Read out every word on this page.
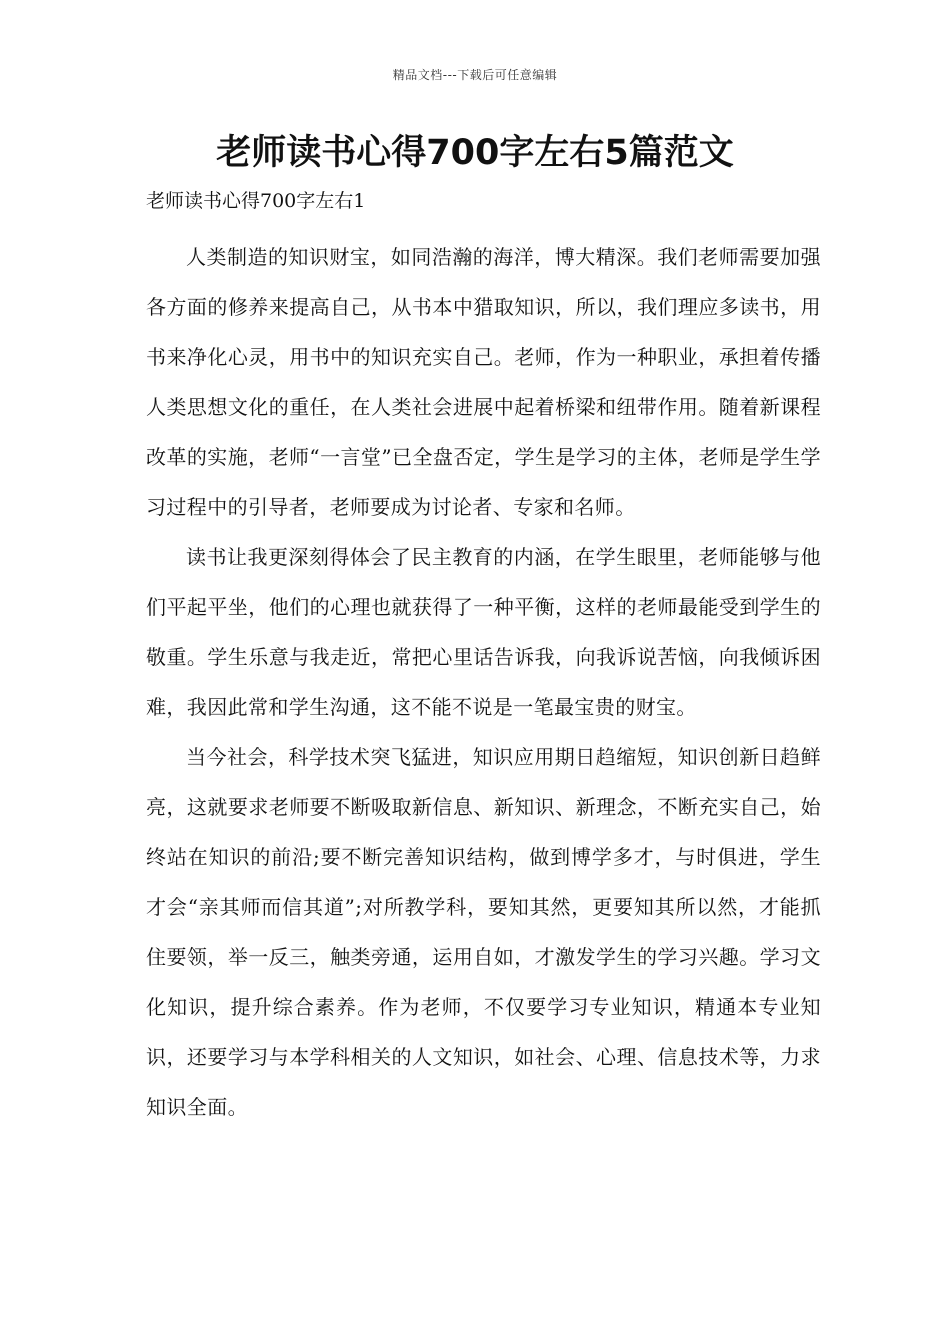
精品文档---下载后可任意编辑
老师读书心得700字左右5篇范文
老师读书心得700字左右1

人类制造的知识财宝，如同浩瀚的海洋，博大精深。我们老师需要加强各方面的修养来提高自己，从书本中猎取知识，所以，我们理应多读书，用书来净化心灵，用书中的知识充实自己。老师，作为一种职业，承担着传播人类思想文化的重任，在人类社会进展中起着桥梁和纽带作用。随着新课程改革的实施，老师“一言堂”已全盘否定，学生是学习的主体，老师是学生学习过程中的引导者，老师要成为讨论者、专家和名师。

读书让我更深刻得体会了民主教育的内涵，在学生眼里，老师能够与他们平起平坐，他们的心理也就获得了一种平衡，这样的老师最能受到学生的敬重。学生乐意与我走近，常把心里话告诉我，向我诉说苦恼，向我倾诉困难，我因此常和学生沟通，这不能不说是一笔最宝贵的财宝。

当今社会，科学技术突飞猛进，知识应用期日趋缩短，知识创新日趋鲜亮，这就要求老师要不断吸取新信息、新知识、新理念，不断充实自己，始终站在知识的前沿;要不断完善知识结构，做到博学多才，与时俱进，学生才会“亲其师而信其道”;对所教学科，要知其然，更要知其所以然，才能抓住要领，举一反三，触类旁通，运用自如，才激发学生的学习兴趣。学习文化知识，提升综合素养。作为老师，不仅要学习专业知识，精通本专业知识，还要学习与本学科相关的人文知识，如社会、心理、信息技术等，力求知识全面。
